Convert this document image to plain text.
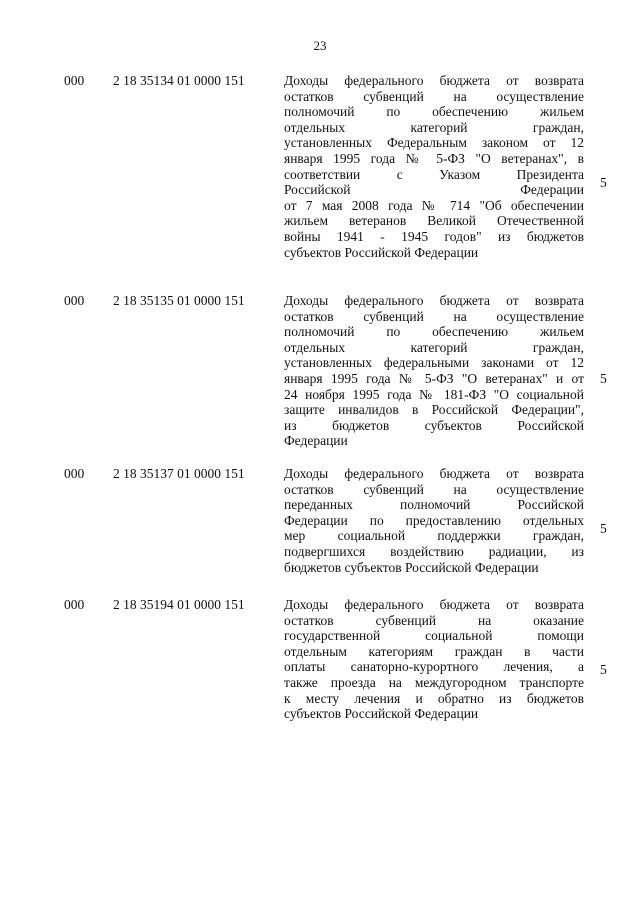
23
000 2 18 35134 01 0000 151	Доходы федерального бюджета от возврата
остатков субвенций на осуществление
полномочий по обеспечению жильем
отдельных категорий граждан,
установленных Федеральным законом от 12
января 1995 года № 5-ФЗ "О ветеранах", в
соответствии с Указом Президента
Российской Федерации
от 7 мая 2008 года № 714 "Об обеспечении
жильем ветеранов Великой Отечественной
войны 1941 - 1945 годов" из бюджетов
субъектов Российской Федерации
5
000 2 18 35135 01 0000 151	Доходы федерального бюджета от возврата
остатков субвенций на осуществление
полномочий по обеспечению жильем
отдельных категорий граждан,
установленных федеральными законами от 12
января 1995 года № 5-ФЗ "О ветеранах" и от
24 ноября 1995 года № 181-ФЗ "О социальной
защите инвалидов в Российской Федерации",
из бюджетов субъектов Российской
Федерации
5
000 2 18 35137 01 0000 151	Доходы федерального бюджета от возврата
остатков субвенций на осуществление
переданных полномочий Российской
Федерации по предоставлению отдельных
мер социальной поддержки граждан,
подвергшихся воздействию радиации, из
бюджетов субъектов Российской Федерации
5
000 2 18 35194 01 0000 151	Доходы федерального бюджета от возврата
остатков субвенций на оказание
государственной социальной помощи
отдельным категориям граждан в части
оплаты санаторно-курортного лечения, а
также проезда на междугородном транспорте
к месту лечения и обратно из бюджетов
субъектов Российской Федерации
5
